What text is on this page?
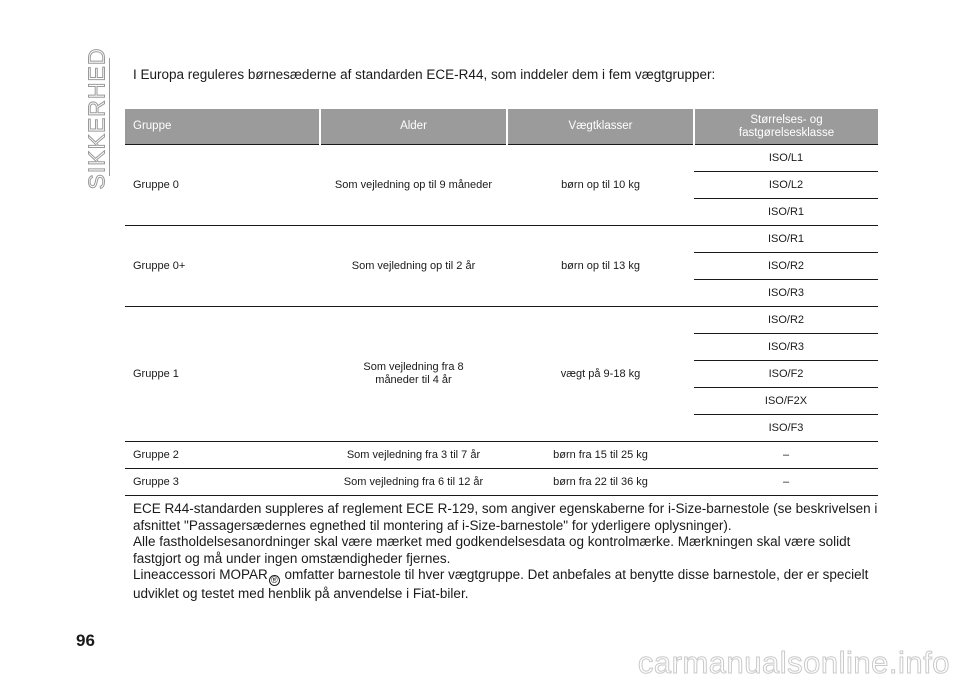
SIKKERHED I Europa reguleres børnesæderne af standarden ECE-R44, som inddeler dem i fem vægtgrupper:
Gruppe	Alder	Vægtklasser	Størrelses- og fastgørelsesklasse
Gruppe 0	Som vejledning op til 9 måneder	børn op til 10 kg	ISO/L1
			ISO/L2
			ISO/R1
Gruppe 0+	Som vejledning op til 2 år	børn op til 13 kg	ISO/R1
			ISO/R2
			ISO/R3
Gruppe 1	Som vejledning fra 8 måneder til 4 år	vægt på 9-18 kg	ISO/R2
			ISO/R3
			ISO/F2
			ISO/F2X
			ISO/F3
Gruppe 2	Som vejledning fra 3 til 7 år	børn fra 15 til 25 kg	–
Gruppe 3	Som vejledning fra 6 til 12 år	børn fra 22 til 36 kg	–

ECE R44-standarden suppleres af reglement ECE R-129, som angiver egenskaberne for i-Size-barnestole (se beskrivelsen i afsnittet "Passagersædernes egnethed til montering af i-Size-barnestole" for yderligere oplysninger).

Alle fastholdelsesanordninger skal være mærket med godkendelsesdata og kontrolmærke. Mærkningen skal være solidt fastgjort og må under ingen omstændigheder fjernes.

Lineaccessori MOPAR ® omfatter barnestole til hver vægtgruppe. Det anbefales at benytte disse barnestole, der er specielt udviklet og testet med henblik på anvendelse i Fiat-biler.

96
carmanualsonline.info
